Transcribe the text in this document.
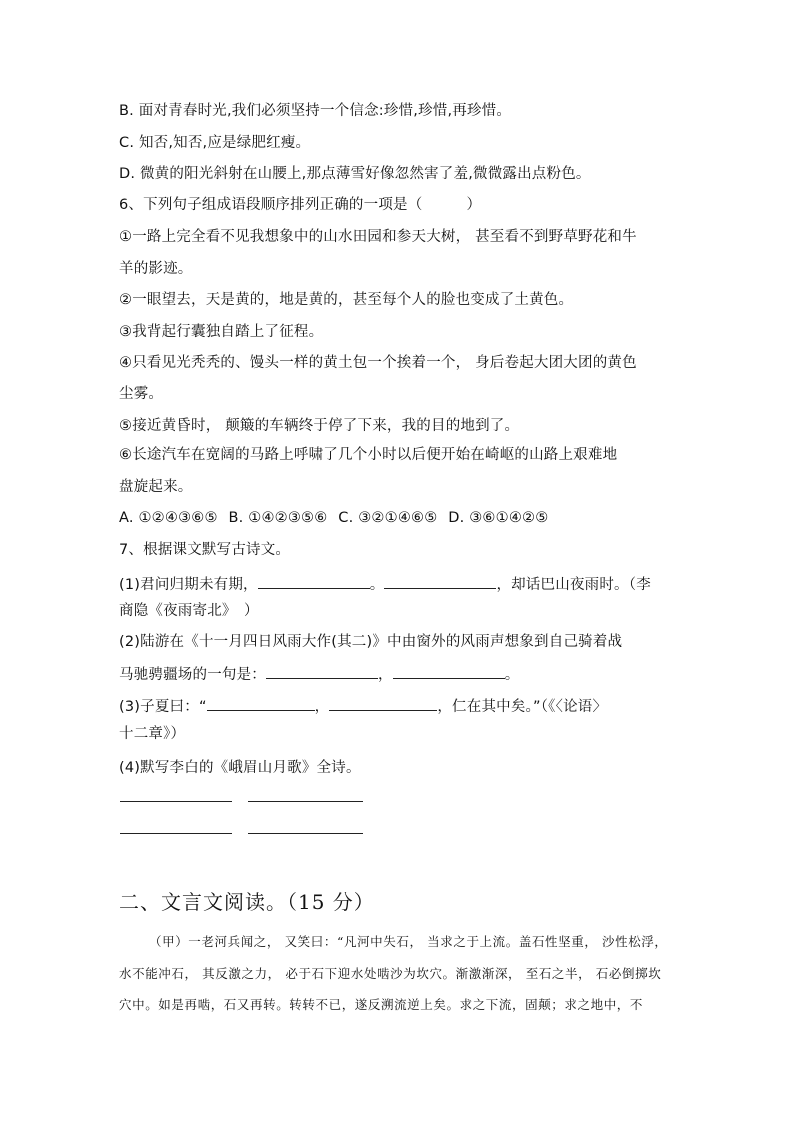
B. 面对青春时光,我们必须坚持一个信念:珍惜,珍惜,再珍惜。
C. 知否,知否,应是绿肥红瘦。
D. 微黄的阳光斜射在山腰上,那点薄雪好像忽然害了羞,微微露出点粉色。
6、下列句子组成语段顺序排列正确的一项是（　　　）
①一路上完全看不见我想象中的山水田园和参天大树， 甚至看不到野草野花和牛
羊的影迹。
②一眼望去，天是黄的，地是黄的，甚至每个人的脸也变成了土黄色。
③我背起行囊独自踏上了征程。
④只看见光秃秃的、馒头一样的黄土包一个挨着一个， 身后卷起大团大团的黄色
尘雾。
⑤接近黄昏时， 颠簸的车辆终于停了下来，我的目的地到了。
⑥长途汽车在宽阔的马路上呼啸了几个小时以后便开始在崎岖的山路上艰难地
盘旋起来。
A. ①②④③⑥⑤ B. ①④②③⑤⑥ C. ③②①④⑥⑤ D. ③⑥①④②⑤
7、根据课文默写古诗文。
(1)君问归期未有期，	。	，却话巴山夜雨时。（李
商隐《夜雨寄北》　）
(2)陆游在《十一月四日风雨大作(其二)》中由窗外的风雨声想象到自己骑着战
马驰骋疆场的一句是：	，	。
(3)子夏曰：“	，	，仁在其中矣。”（《〈论语〉
十二章》）
(4)默写李白的《峨眉山月歌》全诗。
二、文言文阅读。（15 分）
（甲）一老河兵闻之， 又笑曰：“凡河中失石， 当求之于上流。盖石性坚重， 沙性松浮，
水不能冲石， 其反激之力， 必于石下迎水处啮沙为坎穴。渐激渐深， 至石之半， 石必倒掷坎
穴中。如是再啮，石又再转。转转不已，遂反溯流逆上矣。求之下流，固颠；求之地中，不
